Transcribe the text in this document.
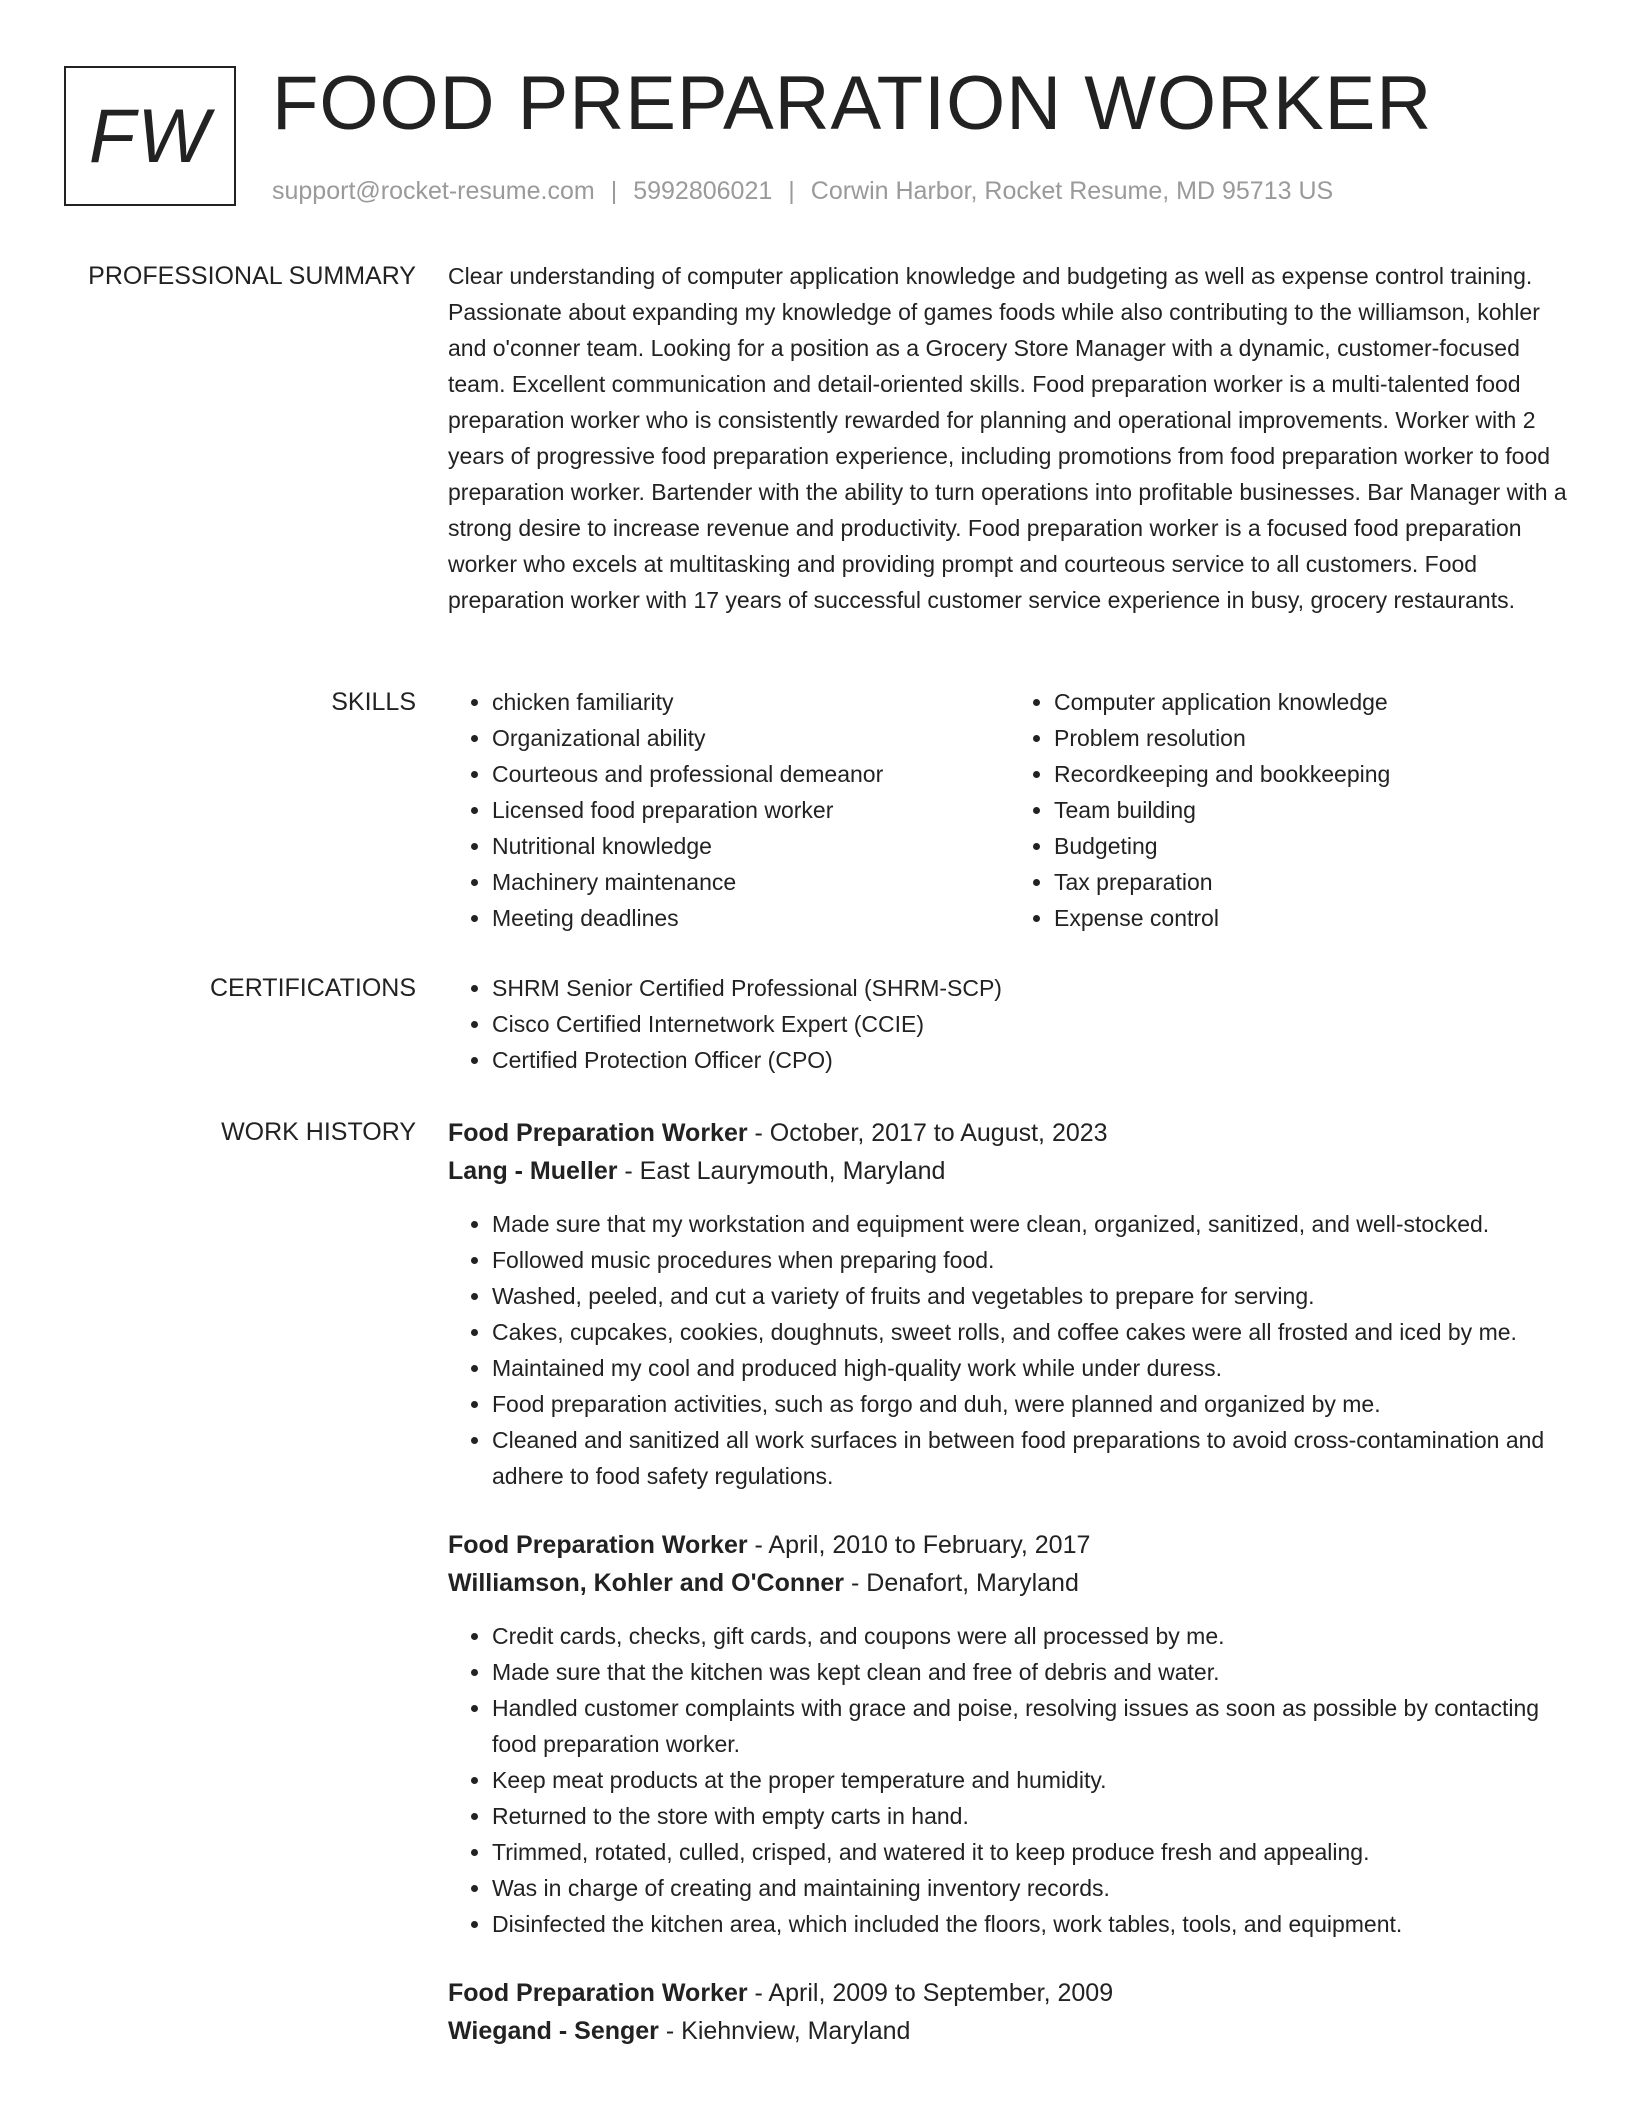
FW FOOD PREPARATION WORKER
support@rocket-resume.com | 5992806021 | Corwin Harbor, Rocket Resume, MD 95713 US
PROFESSIONAL SUMMARY Clear understanding of computer application knowledge and budgeting as well as expense control training. Passionate about expanding my knowledge of games foods while also contributing to the williamson, kohler and o'conner team. Looking for a position as a Grocery Store Manager with a dynamic, customer-focused team. Excellent communication and detail-oriented skills. Food preparation worker is a multi-talented food preparation worker who is consistently rewarded for planning and operational improvements. Worker with 2 years of progressive food preparation experience, including promotions from food preparation worker to food preparation worker. Bartender with the ability to turn operations into profitable businesses. Bar Manager with a strong desire to increase revenue and productivity. Food preparation worker is a focused food preparation worker who excels at multitasking and providing prompt and courteous service to all customers. Food preparation worker with 17 years of successful customer service experience in busy, grocery restaurants.

SKILLS	• chicken familiarity
• Organizational ability
• Courteous and professional demeanor
• Licensed food preparation worker
• Nutritional knowledge
• Machinery maintenance
• Meeting deadlines
• Computer application knowledge
• Problem resolution
• Recordkeeping and bookkeeping
• Team building
• Budgeting
• Tax preparation
• Expense control
CERTIFICATIONS	• SHRM Senior Certified Professional (SHRM-SCP)
• Cisco Certified Internetwork Expert (CCIE)
• Certified Protection Officer (CPO)
WORK HISTORY Food Preparation Worker - October, 2017 to August, 2023
Lang - Mueller - East Laurymouth, Maryland
• Made sure that my workstation and equipment were clean, organized, sanitized, and well-stocked.
• Followed music procedures when preparing food.
• Washed, peeled, and cut a variety of fruits and vegetables to prepare for serving.
• Cakes, cupcakes, cookies, doughnuts, sweet rolls, and coffee cakes were all frosted and iced by me.
• Maintained my cool and produced high-quality work while under duress.
• Food preparation activities, such as forgo and duh, were planned and organized by me.
• Cleaned and sanitized all work surfaces in between food preparations to avoid cross-contamination and adhere to food safety regulations.
Food Preparation Worker - April, 2010 to February, 2017
Williamson, Kohler and O'Conner - Denafort, Maryland
• Credit cards, checks, gift cards, and coupons were all processed by me.
• Made sure that the kitchen was kept clean and free of debris and water.
• Handled customer complaints with grace and poise, resolving issues as soon as possible by contacting food preparation worker.
• Keep meat products at the proper temperature and humidity.
• Returned to the store with empty carts in hand.
• Trimmed, rotated, culled, crisped, and watered it to keep produce fresh and appealing.
• Was in charge of creating and maintaining inventory records.
• Disinfected the kitchen area, which included the floors, work tables, tools, and equipment.
Food Preparation Worker - April, 2009 to September, 2009
Wiegand - Senger - Kiehnview, Maryland
